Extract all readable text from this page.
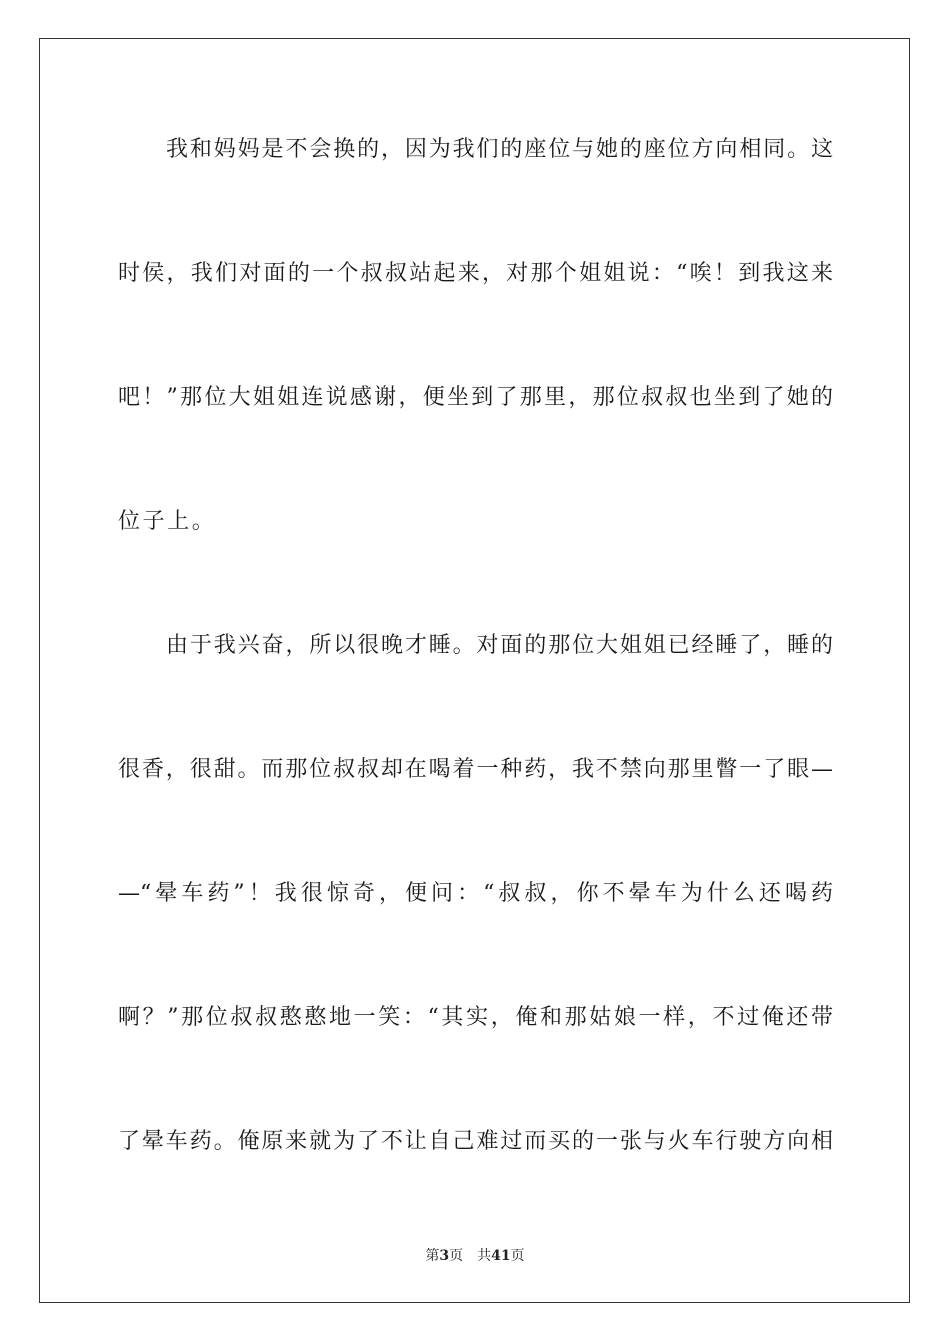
我和妈妈是不会换的，因为我们的座位与她的座位方向相同。这
时侯，我们对面的一个叔叔站起来，对那个姐姐说：“唉！到我这来
吧！”那位大姐姐连说感谢，便坐到了那里，那位叔叔也坐到了她的
位子上。
由于我兴奋，所以很晚才睡。对面的那位大姐姐已经睡了，睡的
很香，很甜。而那位叔叔却在喝着一种药，我不禁向那里瞥一了眼—
—“晕车药”！我很惊奇，便问：“叔叔，你不晕车为什么还喝药
啊？”那位叔叔憨憨地一笑：“其实，俺和那姑娘一样，不过俺还带
了晕车药。俺原来就为了不让自己难过而买的一张与火车行驶方向相
第3页 共41页
